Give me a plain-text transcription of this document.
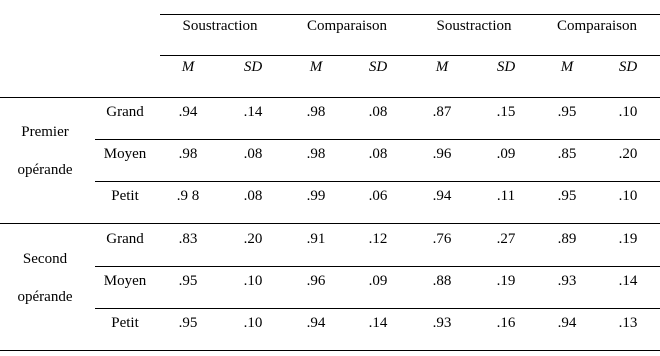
Soustraction	Comparaison	Soustraction	Comparaison
M	SD	M	SD	M	SD	M	SD
Premier
opérande
Grand	.94	.14	.98	.08	.87	.15	.95	.10
Moyen	.98	.08	.98	.08	.96	.09	.85	.20
Petit	.9 8	.08	.99	.06	.94	.11	.95	.10
Second
opérande
Grand	.83	.20	.91	.12	.76	.27	.89	.19
Moyen	.95	.10	.96	.09	.88	.19	.93	.14
Petit	.95	.10	.94	.14	.93	.16	.94	.13
